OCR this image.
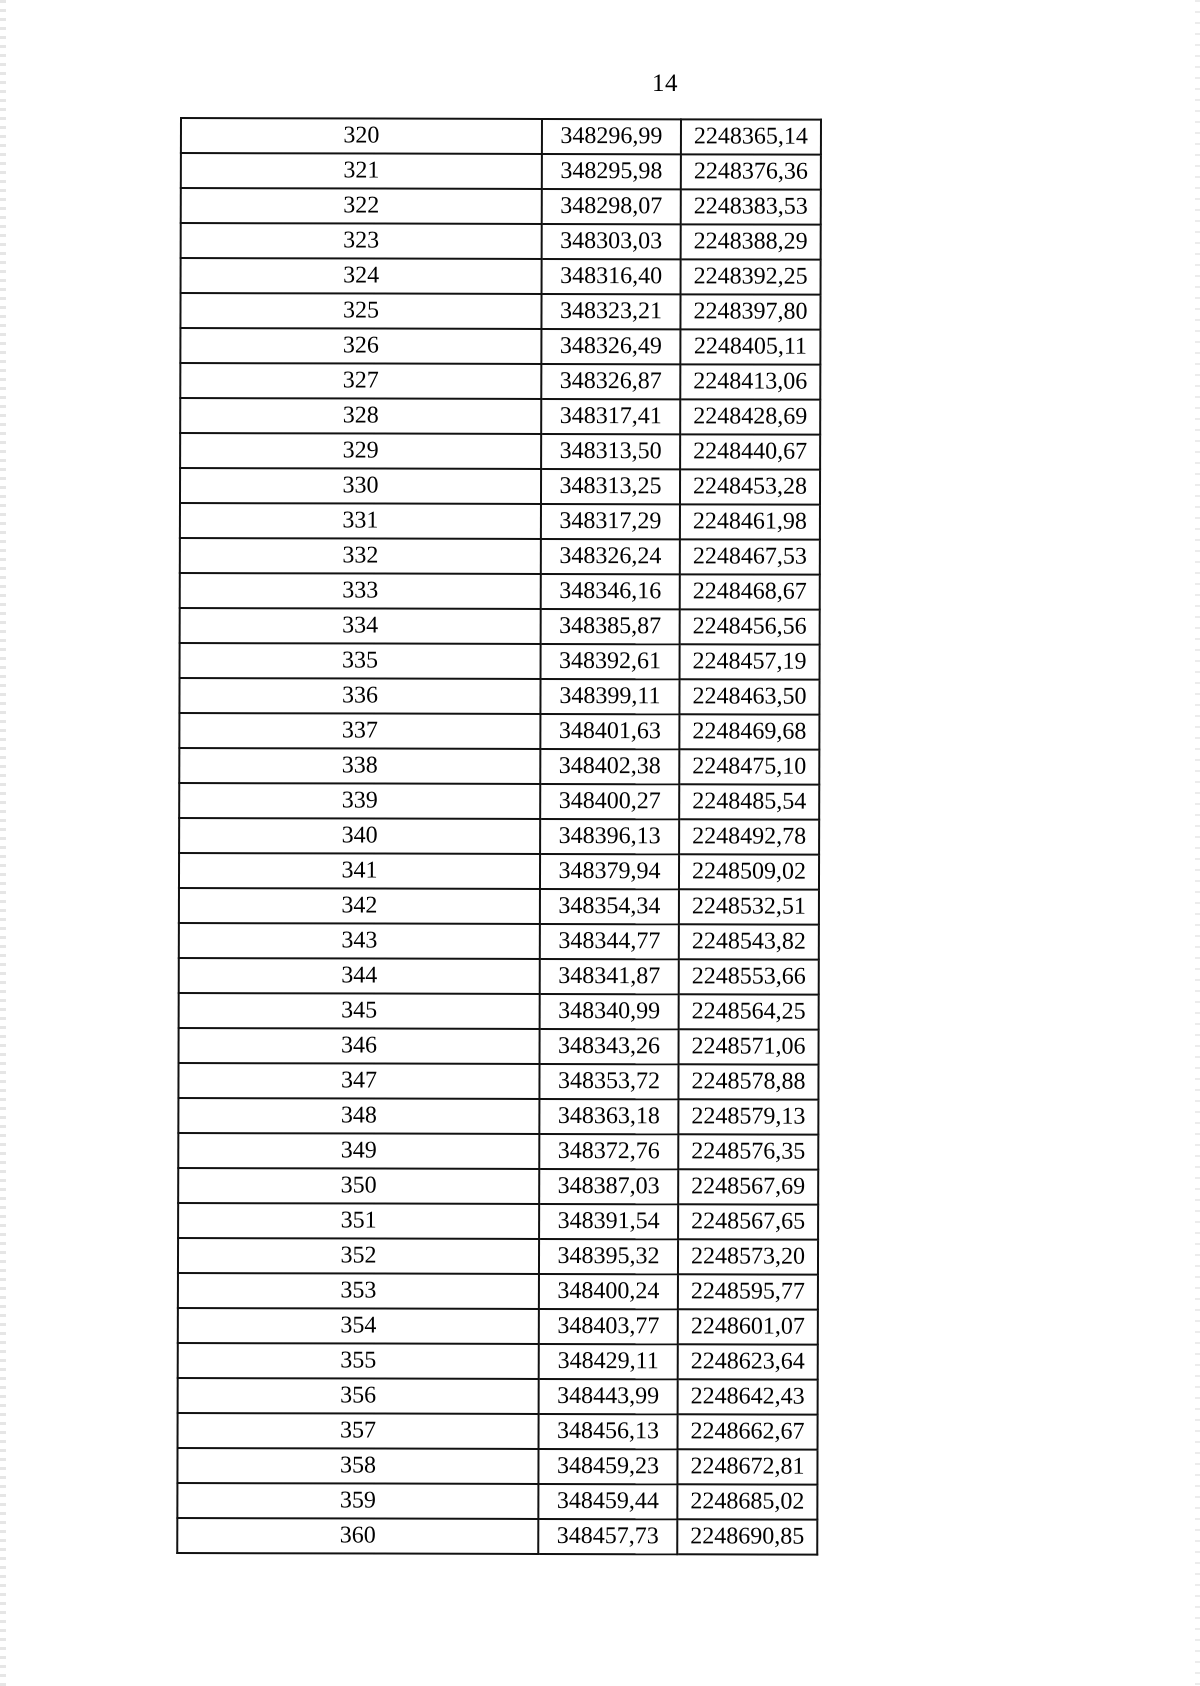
14
320	348296,99	2248365,14
321	348295,98	2248376,36
322	348298,07	2248383,53
323	348303,03	2248388,29
324	348316,40	2248392,25
325	348323,21	2248397,80
326	348326,49	2248405,11
327	348326,87	2248413,06
328	348317,41	2248428,69
329	348313,50	2248440,67
330	348313,25	2248453,28
331	348317,29	2248461,98
332	348326,24	2248467,53
333	348346,16	2248468,67
334	348385,87	2248456,56
335	348392,61	2248457,19
336	348399,11	2248463,50
337	348401,63	2248469,68
338	348402,38	2248475,10
339	348400,27	2248485,54
340	348396,13	2248492,78
341	348379,94	2248509,02
342	348354,34	2248532,51
343	348344,77	2248543,82
344	348341,87	2248553,66
345	348340,99	2248564,25
346	348343,26	2248571,06
347	348353,72	2248578,88
348	348363,18	2248579,13
349	348372,76	2248576,35
350	348387,03	2248567,69
351	348391,54	2248567,65
352	348395,32	2248573,20
353	348400,24	2248595,77
354	348403,77	2248601,07
355	348429,11	2248623,64
356	348443,99	2248642,43
357	348456,13	2248662,67
358	348459,23	2248672,81
359	348459,44	2248685,02
360	348457,73	2248690,85
